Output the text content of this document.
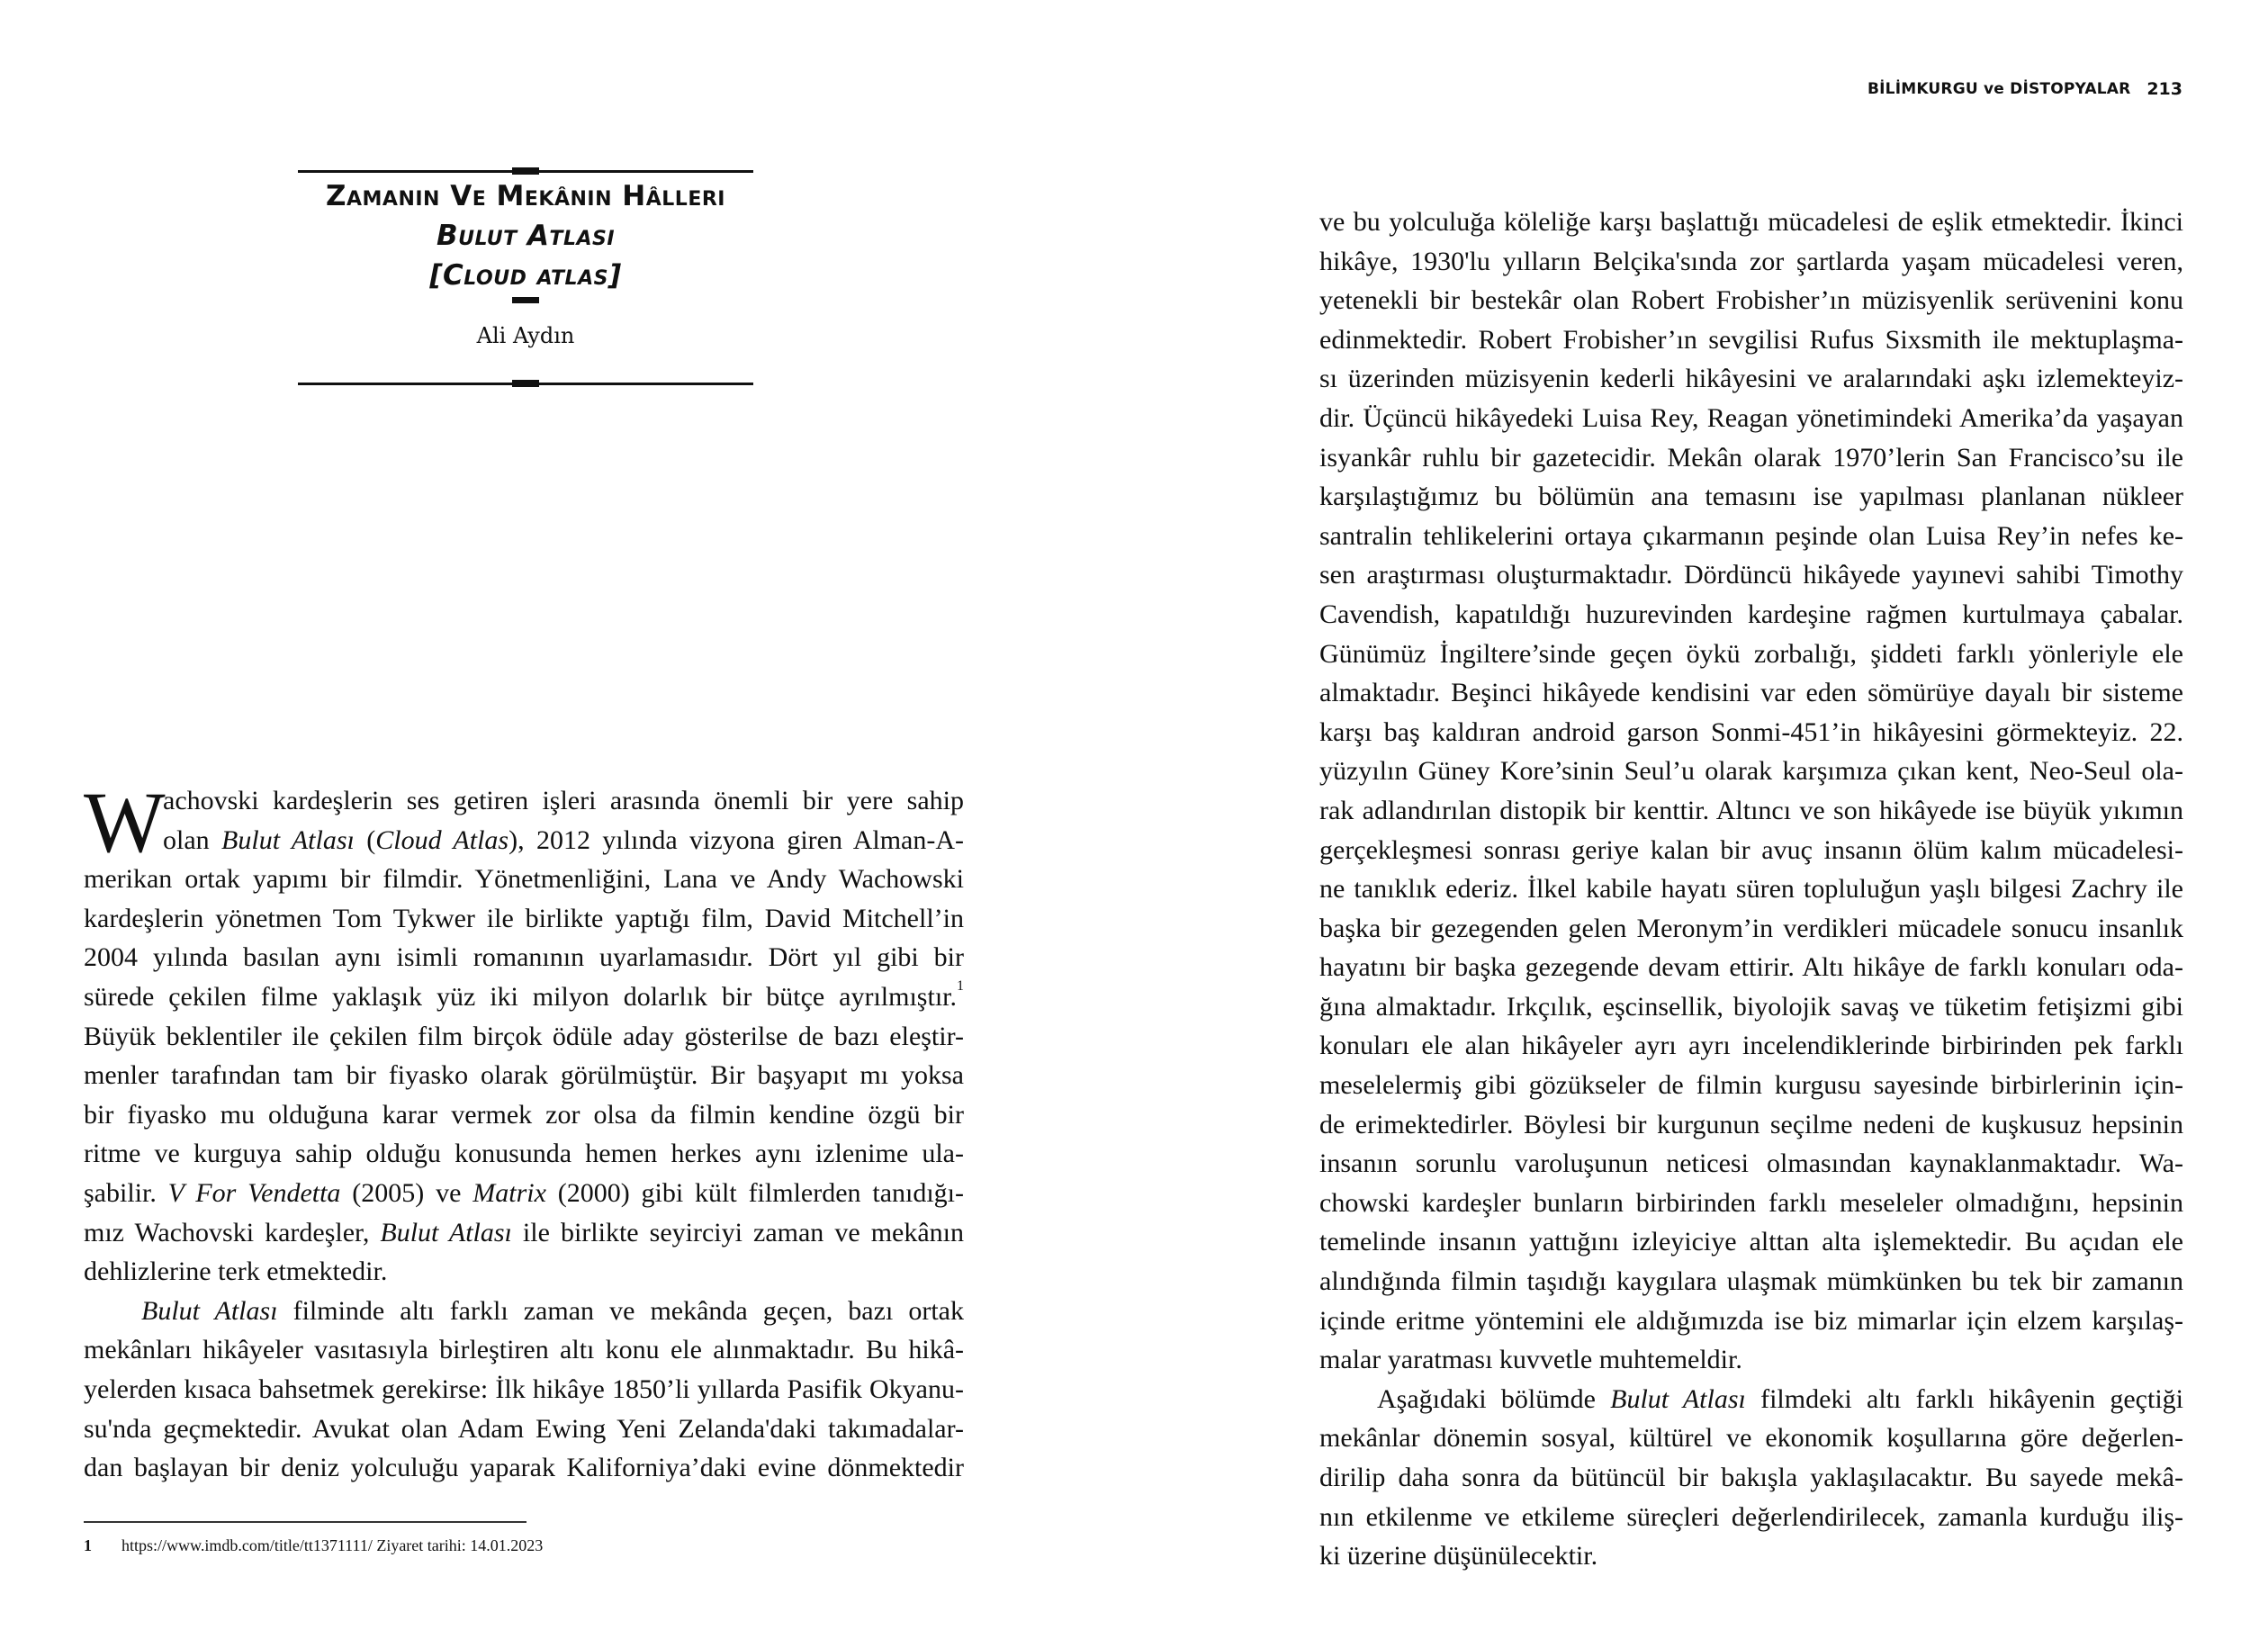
Zamanın Ve Mekânın Hâlleri
Bulut Atlası
[Cloud atlas]
Ali Aydın
W
achovski kardeşlerin ses getiren işleri arasında önemli bir yere sahip
olan Bulut Atlası (Cloud Atlas), 2012 yılında vizyona giren Alman-A-
merikan ortak yapımı bir filmdir. Yönetmenliğini, Lana ve Andy Wachowski
kardeşlerin yönetmen Tom Tykwer ile birlikte yaptığı film, David Mitchell’in
2004 yılında basılan aynı isimli romanının uyarlamasıdır. Dört yıl gibi bir
sürede çekilen filme yaklaşık yüz iki milyon dolarlık bir bütçe ayrılmıştır.$^1$
Büyük beklentiler ile çekilen film birçok ödüle aday gösterilse de bazı eleştir-
menler tarafından tam bir fiyasko olarak görülmüştür. Bir başyapıt mı yoksa
bir fiyasko mu olduğuna karar vermek zor olsa da filmin kendine özgü bir
ritme ve kurguya sahip olduğu konusunda hemen herkes aynı izlenime ula-
şabilir. V For Vendetta (2005) ve Matrix (2000) gibi kült filmlerden tanıdığı-
mız Wachovski kardeşler, Bulut Atlası ile birlikte seyirciyi zaman ve mekânın
dehlizlerine terk etmektedir.
Bulut Atlası filminde altı farklı zaman ve mekânda geçen, bazı ortak
mekânları hikâyeler vasıtasıyla birleştiren altı konu ele alınmaktadır. Bu hikâ-
yelerden kısaca bahsetmek gerekirse: İlk hikâye 1850’li yıllarda Pasifik Okyanu-
su'nda geçmektedir. Avukat olan Adam Ewing Yeni Zelanda'daki takımadalar-
dan başlayan bir deniz yolculuğu yaparak Kaliforniya’daki evine dönmektedir
1 https://www.imdb.com/title/tt1371111/ Ziyaret tarihi: 14.01.2023
BİLİMKURGU ve DİSTOPYALAR 213
ve bu yolculuğa köleliğe karşı başlattığı mücadelesi de eşlik etmektedir. İkinci
hikâye, 1930'lu yılların Belçika'sında zor şartlarda yaşam mücadelesi veren,
yetenekli bir bestekâr olan Robert Frobisher’ın müzisyenlik serüvenini konu
edinmektedir. Robert Frobisher’ın sevgilisi Rufus Sixsmith ile mektuplaşma-
sı üzerinden müzisyenin kederli hikâyesini ve aralarındaki aşkı izlemekteyiz-
dir. Üçüncü hikâyedeki Luisa Rey, Reagan yönetimindeki Amerika’da yaşayan
isyankâr ruhlu bir gazetecidir. Mekân olarak 1970’lerin San Francisco’su ile
karşılaştığımız bu bölümün ana temasını ise yapılması planlanan nükleer
santralin tehlikelerini ortaya çıkarmanın peşinde olan Luisa Rey’in nefes ke-
sen araştırması oluşturmaktadır. Dördüncü hikâyede yayınevi sahibi Timothy
Cavendish, kapatıldığı huzurevinden kardeşine rağmen kurtulmaya çabalar.
Günümüz İngiltere’sinde geçen öykü zorbalığı, şiddeti farklı yönleriyle ele
almaktadır. Beşinci hikâyede kendisini var eden sömürüye dayalı bir sisteme
karşı baş kaldıran android garson Sonmi-451’in hikâyesini görmekteyiz. 22.
yüzyılın Güney Kore’sinin Seul’u olarak karşımıza çıkan kent, Neo-Seul ola-
rak adlandırılan distopik bir kenttir. Altıncı ve son hikâyede ise büyük yıkımın
gerçekleşmesi sonrası geriye kalan bir avuç insanın ölüm kalım mücadelesi-
ne tanıklık ederiz. İlkel kabile hayatı süren topluluğun yaşlı bilgesi Zachry ile
başka bir gezegenden gelen Meronym’in verdikleri mücadele sonucu insanlık
hayatını bir başka gezegende devam ettirir. Altı hikâye de farklı konuları oda-
ğına almaktadır. Irkçılık, eşcinsellik, biyolojik savaş ve tüketim fetişizmi gibi
konuları ele alan hikâyeler ayrı ayrı incelendiklerinde birbirinden pek farklı
meselelermiş gibi gözükseler de filmin kurgusu sayesinde birbirlerinin için-
de erimektedirler. Böylesi bir kurgunun seçilme nedeni de kuşkusuz hepsinin
insanın sorunlu varoluşunun neticesi olmasından kaynaklanmaktadır. Wa-
chowski kardeşler bunların birbirinden farklı meseleler olmadığını, hepsinin
temelinde insanın yattığını izleyiciye alttan alta işlemektedir. Bu açıdan ele
alındığında filmin taşıdığı kaygılara ulaşmak mümkünken bu tek bir zamanın
içinde eritme yöntemini ele aldığımızda ise biz mimarlar için elzem karşılaş-
malar yaratması kuvvetle muhtemeldir.
Aşağıdaki bölümde Bulut Atlası filmdeki altı farklı hikâyenin geçtiği
mekânlar dönemin sosyal, kültürel ve ekonomik koşullarına göre değerlen-
dirilip daha sonra da bütüncül bir bakışla yaklaşılacaktır. Bu sayede mekâ-
nın etkilenme ve etkileme süreçleri değerlendirilecek, zamanla kurduğu iliş-
ki üzerine düşünülecektir.
